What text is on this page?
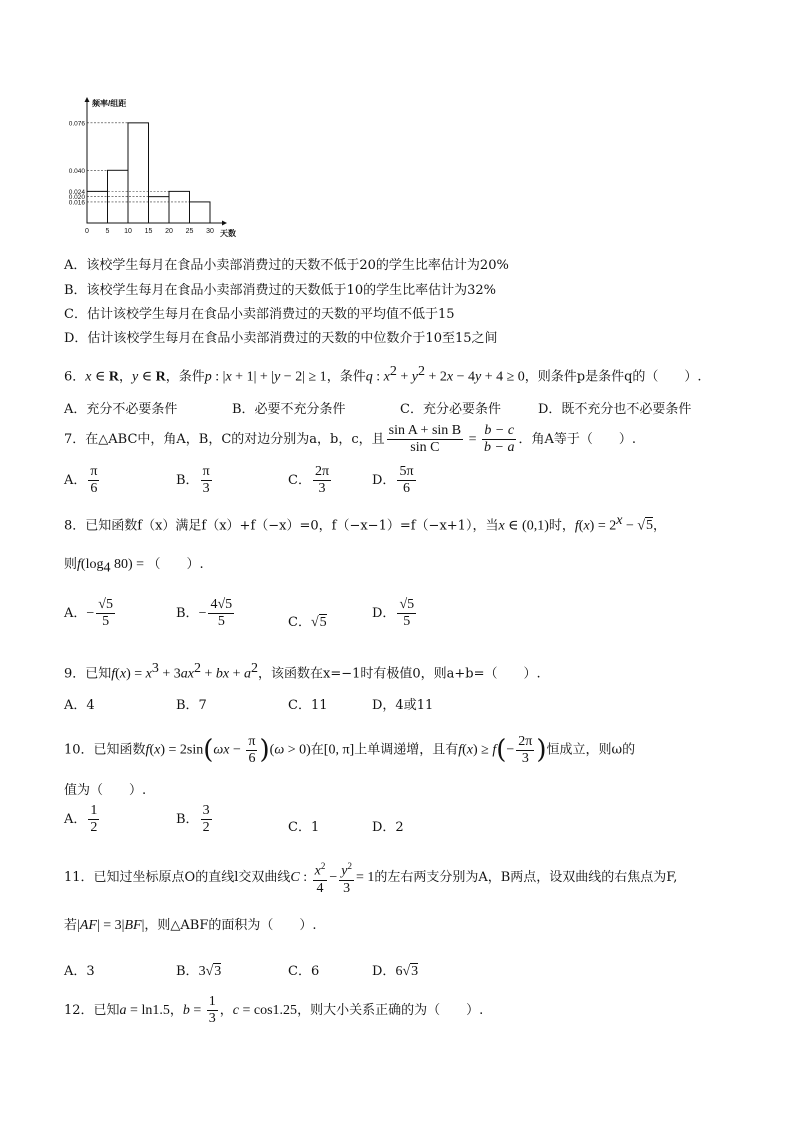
0.076
0.040
0.024
0.020
0.016
0 5 10 15 20 25 30
频率/组距
天数
A．该校学生每月在食品小卖部消费过的天数不低于20的学生比率估计为20%
B．该校学生每月在食品小卖部消费过的天数低于10的学生比率估计为32%
C．估计该校学生每月在食品小卖部消费过的天数的平均值不低于15
D．估计该校学生每月在食品小卖部消费过的天数的中位数介于10至15之间
6．x ∈ R，y ∈ R，条件p : |x + 1| + |y − 2| ≥ 1，条件q : $x^2 + y^2 + 2x - 4y + 4 \ge 0$，则条件p是条件q的（　　）.
A．充分不必要条件	B．必要不充分条件	C．充分必要条件	D．既不充分也不必要条件
7．在△ABC中，角A，B，C的对边分别为a，b，c，且 $\frac{\text{sin A + sin B}}{\text{sin C}} = \frac{b - c}{b - a}$ ．角A等于（　　）.
A． $\frac{\pi}{6}$	B． $\frac{\pi}{3}$	C． $\frac{2\pi}{3}$	D． $\frac{5\pi}{6}$
8．已知函数f（x）满足f（x）+f（−x）=0，f（−x−1）=f（−x+1），当x ∈ (0,1)时，$f(x) = 2^x - √5$，
则$f(\log_4$ 80) = （　　）.
A．− $\frac{√5}{5}$	B．− $\frac{4√5}{5}$	C．√5
D． $\frac{√5}{5}$
9．已知$f(x) = x^3 + 3ax^2$ + bx + $a^2$，该函数在x=−1时有极值0，则a+b=（　　）.
A．4	B．7	C．11	D，4或11
10．已知函数$f(x) = 2\sin(\omega x - \frac{\pi}{6} )(\omega > 0)$在[0, π]上单调递增，且有$f(x) \ge f(- \frac{2\pi}{3}$ )恒成立，则ω的
值为（　　）.
A． $\frac{1}{2}$	B． $\frac{3}{2}$	C．1	D．2
11．已知过坐标原点O的直线l交双曲线C : $\frac{x^2}{4} - \frac{y^2}{3} = 1$的左右两支分别为A，B两点，设双曲线的右焦点为F,
若|AF| = 3|BF|，则△ABF的面积为（　　）.
A．3	B．3√3	C．6	D．6√3
12．已知a = ln1.5，$b = \frac{1}{3}$ ，c = cos1.25，则大小关系正确的为（　　）.
